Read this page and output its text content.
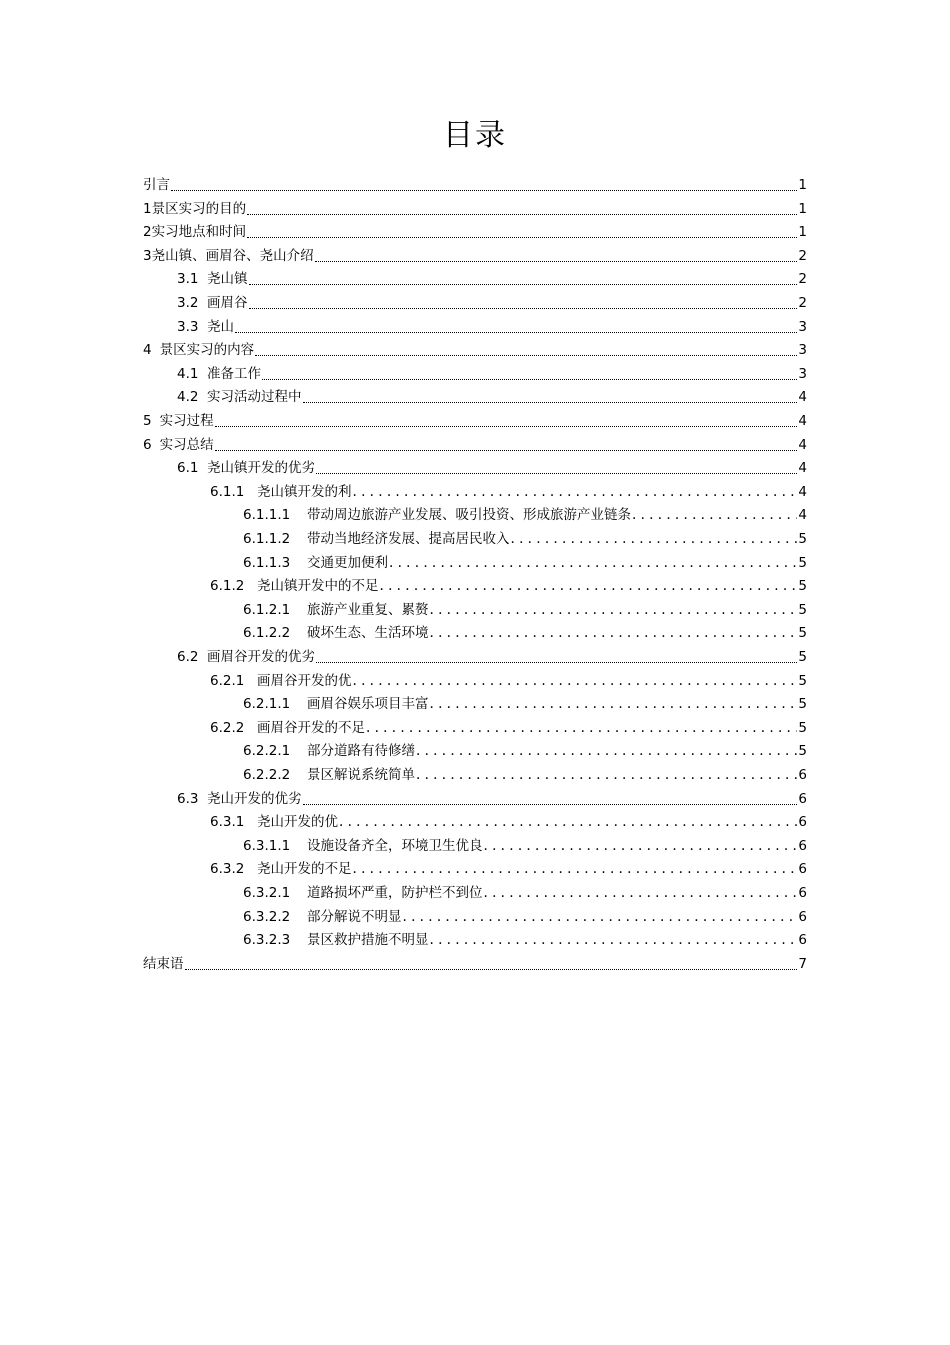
目录
引言	1
1 景区实习的目的	1
2 实习地点和时间	1
3 尧山镇、画眉谷、尧山介绍	2
3.1 尧山镇	2
3.2 画眉谷	2
3.3 尧山	3
4 景区实习的内容	3
4.1 准备工作	3
4.2 实习活动过程中	4
5 实习过程	4
6 实习总结	4
6.1 尧山镇开发的优劣	4
6.1.1 尧山镇开发的利 . . .	4
6.1.1.1	带动周边旅游产业发展、吸引投资、形成旅游产业链条 . . .	4
6.1.1.2	带动当地经济发展、提高居民收入 . . .	5
6.1.1.3	交通更加便利 . . .	5
6.1.2 尧山镇开发中的不足 . . .	5
6.1.2.1	旅游产业重复、累赘 . . .	5
6.1.2.2	破坏生态、生活环境 . . .	5
6.2 画眉谷开发的优劣	5
6.2.1 画眉谷开发的优 . . .	5
6.2.1.1	画眉谷娱乐项目丰富 . . .	5
6.2.2 画眉谷开发的不足 . . .	5
6.2.2.1	部分道路有待修缮 . . .	5
6.2.2.2	景区解说系统简单 . . .	6
6.3 尧山开发的优劣	6
6.3.1 尧山开发的优 . . .	6
6.3.1.1	设施设备齐全，环境卫生优良 . . .	6
6.3.2 尧山开发的不足 . . .	6
6.3.2.1	道路损坏严重，防护栏不到位 . . .	6
6.3.2.2	部分解说不明显 . . .	6
6.3.2.3	景区救护措施不明显 . . .	6
结束语	7
